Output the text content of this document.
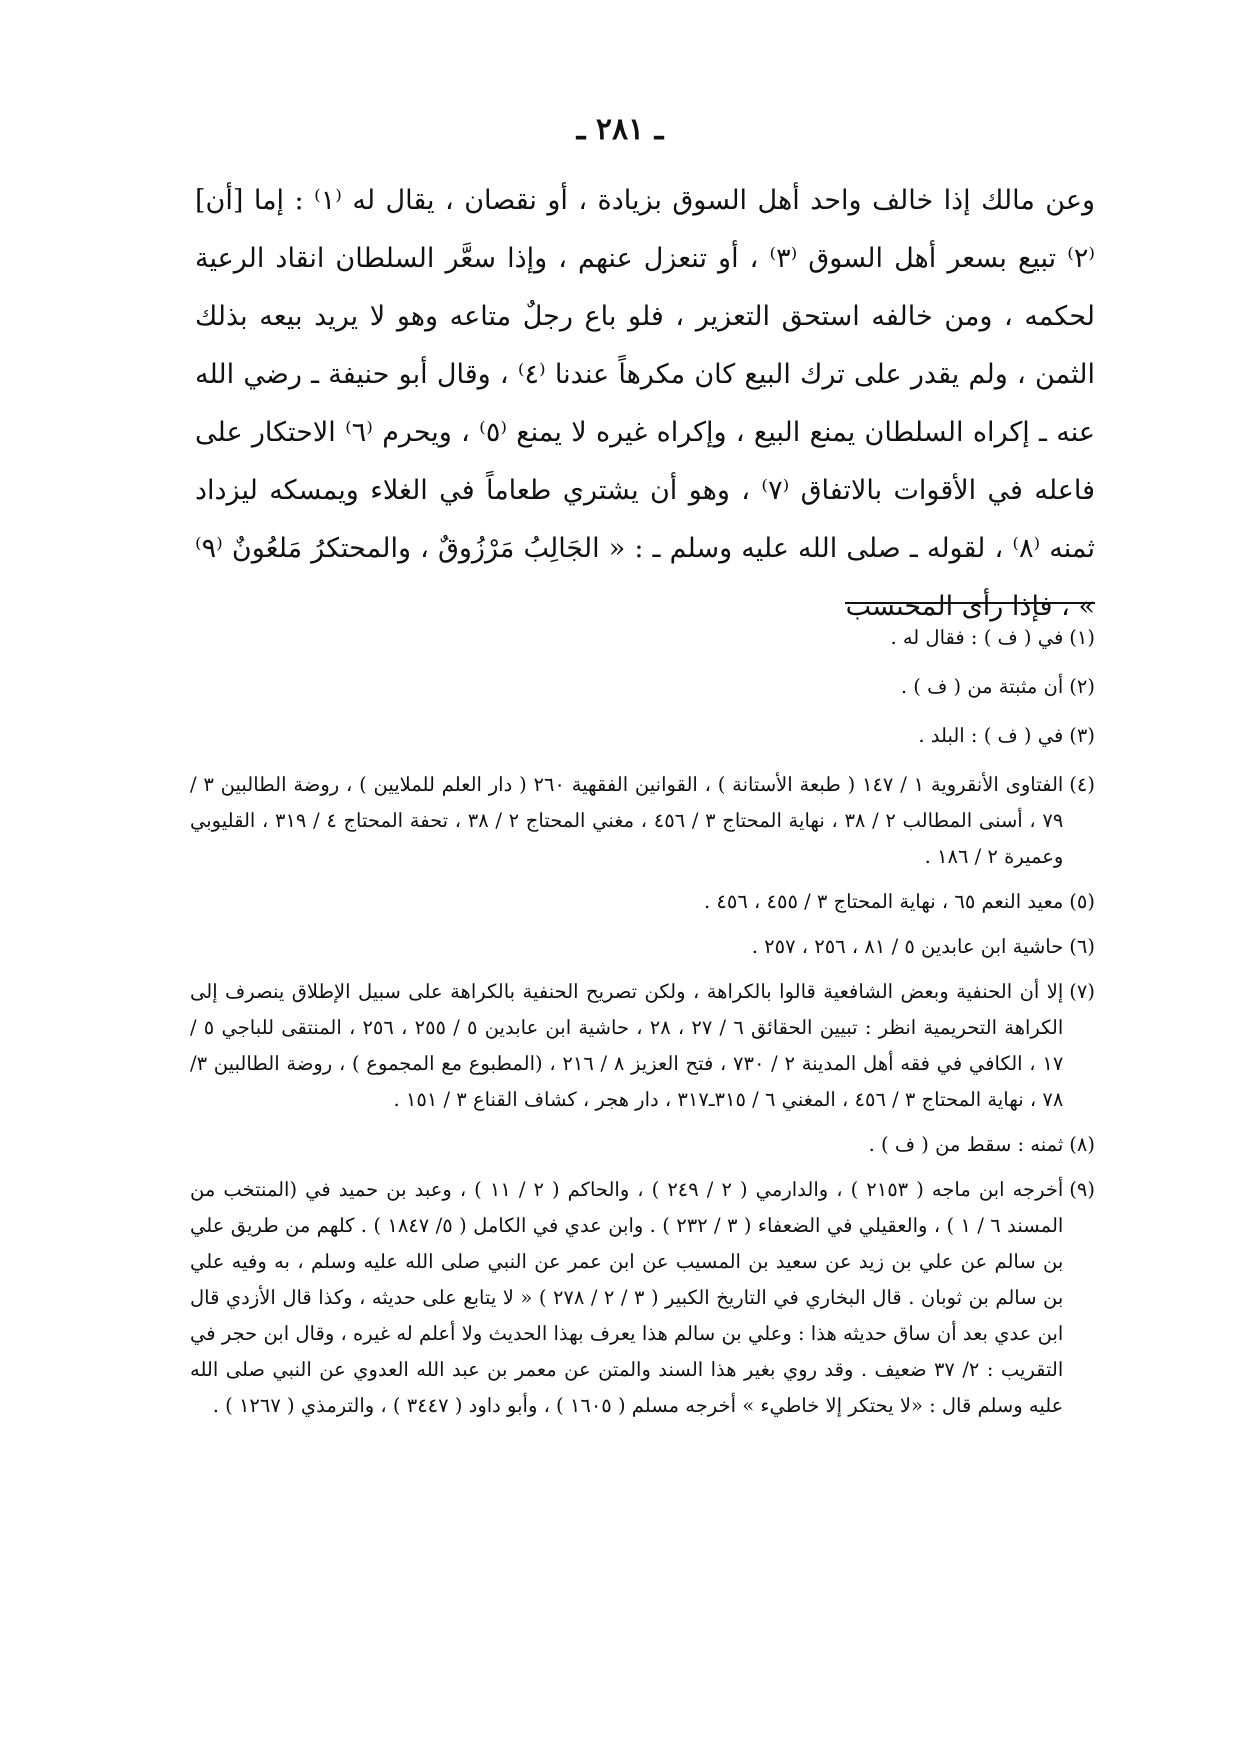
ـ ٢٨١ ـ

وعن مالك إذا خالف واحد أهل السوق بزيادة ، أو نقصان ، يقال له ⁽١⁾ : إما [أن] ⁽٢⁾ تبيع بسعر أهل السوق ⁽٣⁾ ، أو تنعزل عنهم ، وإذا سعَّر السلطان انقاد الرعية لحكمه ، ومن خالفه استحق التعزير ، فلو باع رجلٌ متاعه وهو لا يريد بيعه بذلك الثمن ، ولم يقدر على ترك البيع كان مكرهاً عندنا ⁽٤⁾ ، وقال أبو حنيفة ـ رضي الله عنه ـ إكراه السلطان يمنع البيع ، وإكراه غيره لا يمنع ⁽٥⁾ ، ويحرم ⁽٦⁾ الاحتكار على فاعله في الأقوات بالاتفاق ⁽٧⁾ ، وهو أن يشتري طعاماً في الغلاء ويمسكه ليزداد ثمنه ⁽٨⁾ ، لقوله ـ صلى الله عليه وسلم ـ : « الجَالِبُ مَرْزُوقٌ ، والمحتكرُ مَلعُونٌ ⁽٩⁾ » ، فإذا رأى المحتسب

(١)
في ( ف ) : فقال له .
(٢)
أن مثبتة من ( ف ) .
(٣)
في ( ف ) : البلد .
(٤)
الفتاوى الأنقروية ١ / ١٤٧ ( طبعة الأستانة ) ، القوانين الفقهية ٢٦٠ ( دار العلم للملايين ) ، روضة الطالبين ٣ / ٧٩ ، أسنى المطالب ٢ / ٣٨ ، نهاية المحتاج ٣ / ٤٥٦ ، مغني المحتاج ٢ / ٣٨ ، تحفة المحتاج ٤ / ٣١٩ ، القليوبي وعميرة ٢ / ١٨٦ .
(٥)
معيد النعم ٦٥ ، نهاية المحتاج ٣ / ٤٥٥ ، ٤٥٦ .
(٦)
حاشية ابن عابدين ٥ / ٨١ ، ٢٥٦ ، ٢٥٧ .
(٧)
إلا أن الحنفية وبعض الشافعية قالوا بالكراهة ، ولكن تصريح الحنفية بالكراهة على سبيل الإطلاق ينصرف إلى الكراهة التحريمية انظر : تبيين الحقائق ٦ / ٢٧ ، ٢٨ ، حاشية ابن عابدين ٥ / ٢٥٥ ، ٢٥٦ ، المنتقى للباجي ٥ / ١٧ ، الكافي في فقه أهل المدينة ٢ / ٧٣٠ ، فتح العزيز ٨ / ٢١٦ ، (المطبوع مع المجموع ) ، روضة الطالبين ٣/ ٧٨ ، نهاية المحتاج ٣ / ٤٥٦ ، المغني ٦ / ٣١٥ـ٣١٧ ، دار هجر ، كشاف القناع ٣ / ١٥١ .
(٨)
ثمنه : سقط من ( ف ) .
(٩)
أخرجه ابن ماجه ( ٢١٥٣ ) ، والدارمي ( ٢ / ٢٤٩ ) ، والحاكم ( ٢ / ١١ ) ، وعبد بن حميد في (المنتخب من المسند ٦ / ١ ) ، والعقيلي في الضعفاء ( ٣ / ٢٣٢ ) . وابن عدي في الكامل ( ٥/ ١٨٤٧ ) . كلهم من طريق علي بن سالم عن علي بن زيد عن سعيد بن المسيب عن ابن عمر عن النبي صلى الله عليه وسلم ، به وفيه علي بن سالم بن ثوبان . قال البخاري في التاريخ الكبير ( ٣ / ٢ / ٢٧٨ ) « لا يتابع على حديثه ، وكذا قال الأزدي قال ابن عدي بعد أن ساق حديثه هذا : وعلي بن سالم هذا يعرف بهذا الحديث ولا أعلم له غيره ، وقال ابن حجر في التقريب : ٢/ ٣٧ ضعيف . وقد روي بغير هذا السند والمتن عن معمر بن عبد الله العدوي عن النبي صلى الله عليه وسلم قال : «لا يحتكر إلا خاطيء » أخرجه مسلم ( ١٦٠٥ ) ، وأبو داود ( ٣٤٤٧ ) ، والترمذي ( ١٢٦٧ ) .
